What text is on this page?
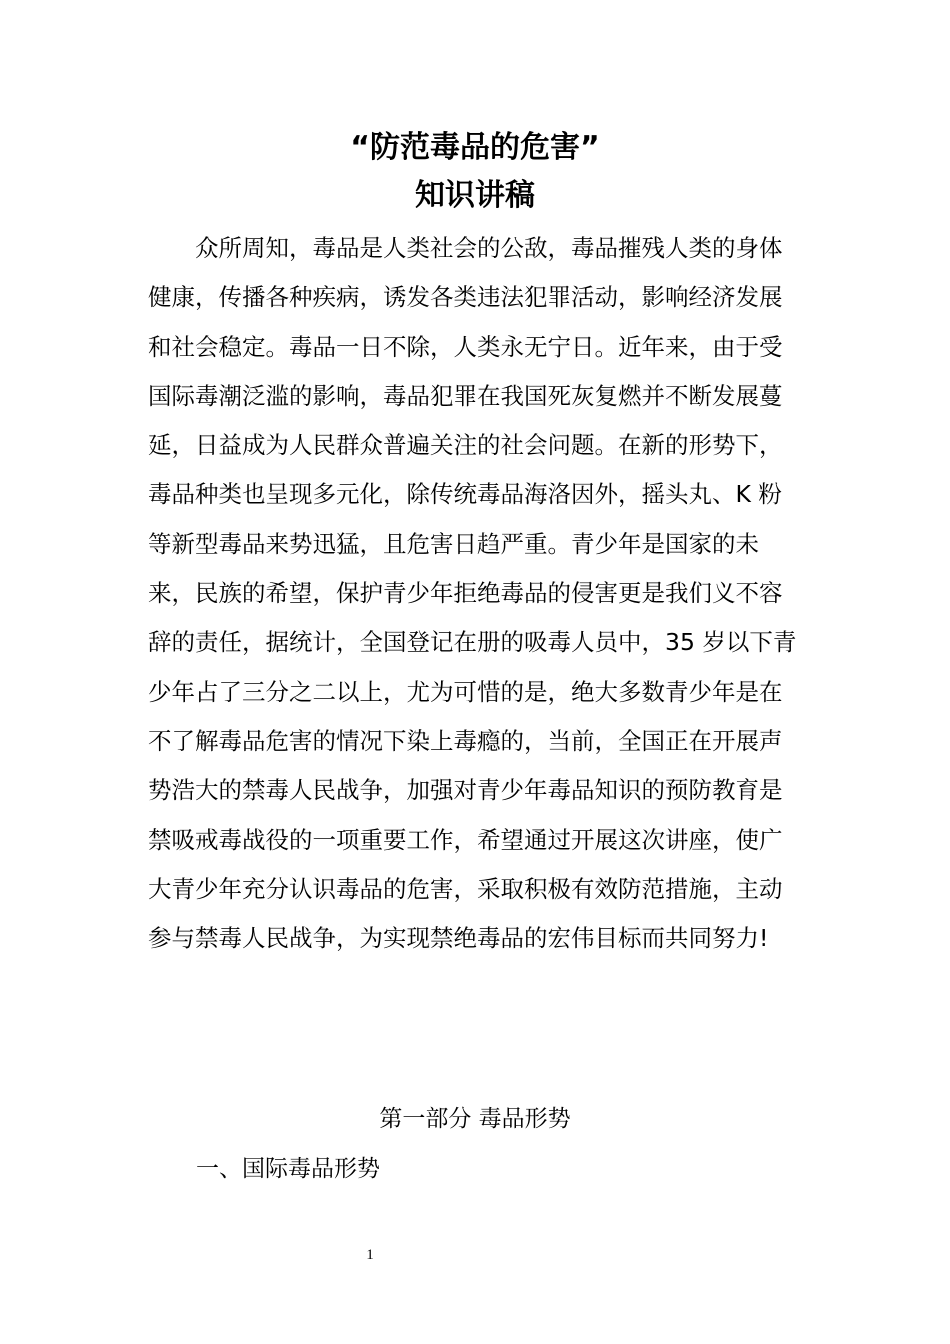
“防范毒品的危害”
知识讲稿
众所周知，毒品是人类社会的公敌，毒品摧残人类的身体
健康，传播各种疾病，诱发各类违法犯罪活动，影响经济发展
和社会稳定。毒品一日不除，人类永无宁日。近年来，由于受
国际毒潮泛滥的影响，毒品犯罪在我国死灰复燃并不断发展蔓
延，日益成为人民群众普遍关注的社会问题。在新的形势下，
毒品种类也呈现多元化，除传统毒品海洛因外，摇头丸、K 粉
等新型毒品来势迅猛，且危害日趋严重。青少年是国家的未
来，民族的希望，保护青少年拒绝毒品的侵害更是我们义不容
辞的责任，据统计，全国登记在册的吸毒人员中，35 岁以下青
少年占了三分之二以上，尤为可惜的是，绝大多数青少年是在
不了解毒品危害的情况下染上毒瘾的，当前，全国正在开展声
势浩大的禁毒人民战争，加强对青少年毒品知识的预防教育是
禁吸戒毒战役的一项重要工作，希望通过开展这次讲座，使广
大青少年充分认识毒品的危害，采取积极有效防范措施，主动
参与禁毒人民战争，为实现禁绝毒品的宏伟目标而共同努力!
第一部分 毒品形势
一、国际毒品形势
1
